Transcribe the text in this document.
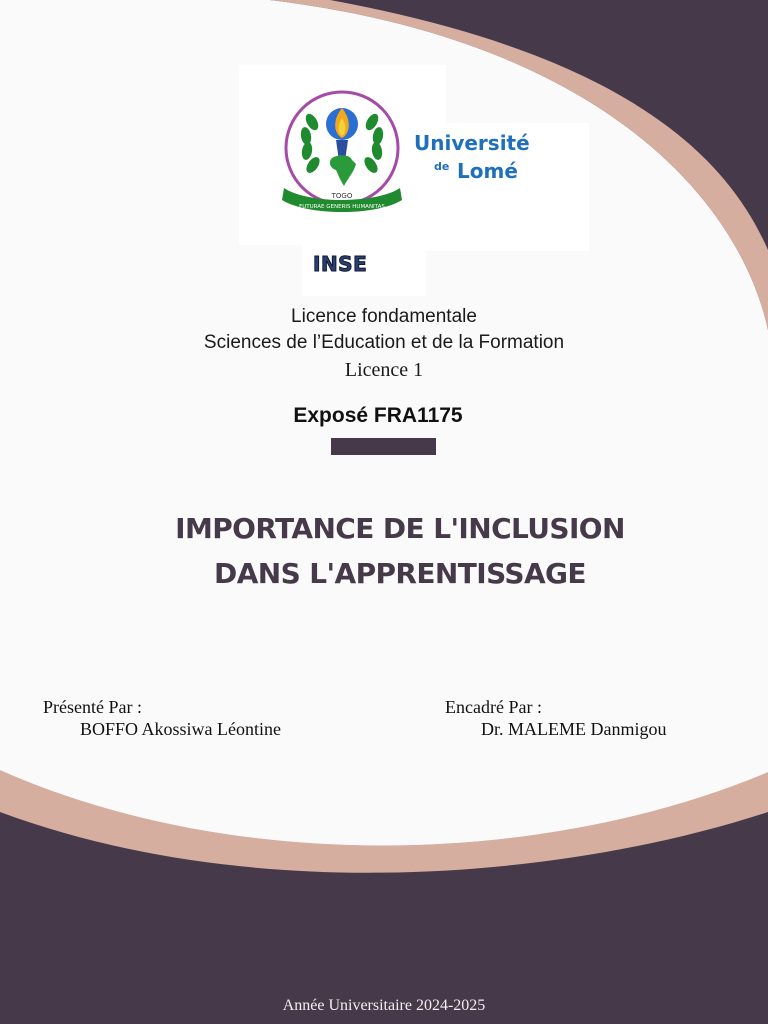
TOGO
FUTURAE GENERIS HUMANITAS
Université
de Lomé
INSE
Licence fondamentale
Sciences de l’Education et de la Formation
Licence 1
Exposé FRA1175
IMPORTANCE DE L'INCLUSION
DANS L'APPRENTISSAGE
Présenté Par :
BOFFO Akossiwa Léontine
Encadré Par :
Dr. MALEME Danmigou
Année Universitaire 2024-2025
